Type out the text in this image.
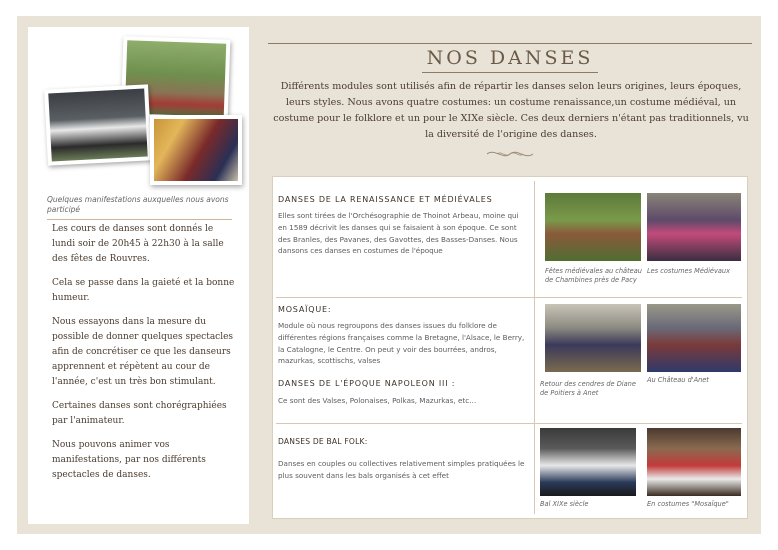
Quelques manifestations auxquelles nous avons participé

Les cours de danses sont donnés le lundi soir de 20h45 à 22h30 à la salle des fêtes de Rouvres.

Cela se passe dans la gaieté et la bonne humeur.

Nous essayons dans la mesure du possible de donner quelques spectacles afin de concrétiser ce que les danseurs apprennent et répètent au cour de l'année, c'est un très bon stimulant.

Certaines danses sont chorégraphiées par l'animateur.

Nous pouvons animer vos manifestations, par nos différents spectacles de danses.

NOS DANSES
Différents modules sont utilisés afin de répartir les danses selon leurs origines, leurs époques, leurs styles. Nous avons quatre costumes: un costume renaissance,un costume médiéval, un costume pour le folklore et un pour le XIXe siècle. Ces deux derniers n'étant pas traditionnels, vu la diversité de l'origine des danses.
DANSES DE LA RENAISSANCE ET MÉDIÉVALES
Elles sont tirées de l'Orchésographie de Thoinot Arbeau, moine qui en 1589 décrivit les danses qui se faisaient à son époque. Ce sont des Branles, des Pavanes, des Gavottes, des Basses-Danses. Nous dansons ces danses en costumes de l'époque
Fêtes médiévales au château de Chambines près de Pacy
Les costumes Médiévaux
MOSAÏQUE:
Module où nous regroupons des danses issues du folklore de différentes régions françaises comme la Bretagne, l'Alsace, le Berry, la Catalogne, le Centre. On peut y voir des bourrées, andros, mazurkas, scottischs, valses
DANSES DE L'ÉPOQUE NAPOLEON III :
Ce sont des Valses, Polonaises, Polkas, Mazurkas, etc…
Retour des cendres de Diane de Poitiers à Anet
Au Château d'Anet
DANSES DE BAL FOLK:
Danses en couples ou collectives relativement simples pratiquées le plus souvent dans les bals organisés à cet effet
Bal XIXe siècle	En costumes "Mosaïque"
